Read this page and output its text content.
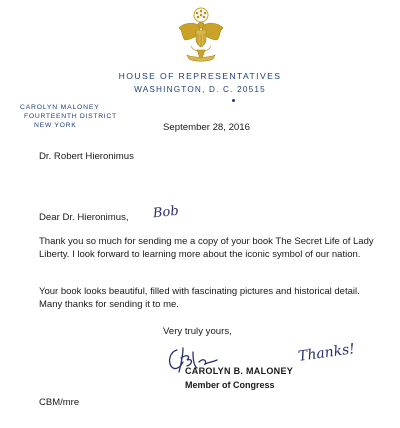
HOUSE OF REPRESENTATIVES
WASHINGTON, D. C. 20515
CAROLYN MALONEY
FOURTEENTH DISTRICT
NEW YORK	September 28, 2016
Dr. Robert Hieronimus
Dear Dr. Hieronimus, Bob
Thank you so much for sending me a copy of your book The Secret Life of Lady Liberty. I look forward to learning more about the iconic symbol of our nation.
Your book looks beautiful, filled with fascinating pictures and historical detail. Many thanks for sending it to me.
Very truly yours,
CAROLYN B. MALONEY
Member of Congress
Thanks!
CBM/mre
